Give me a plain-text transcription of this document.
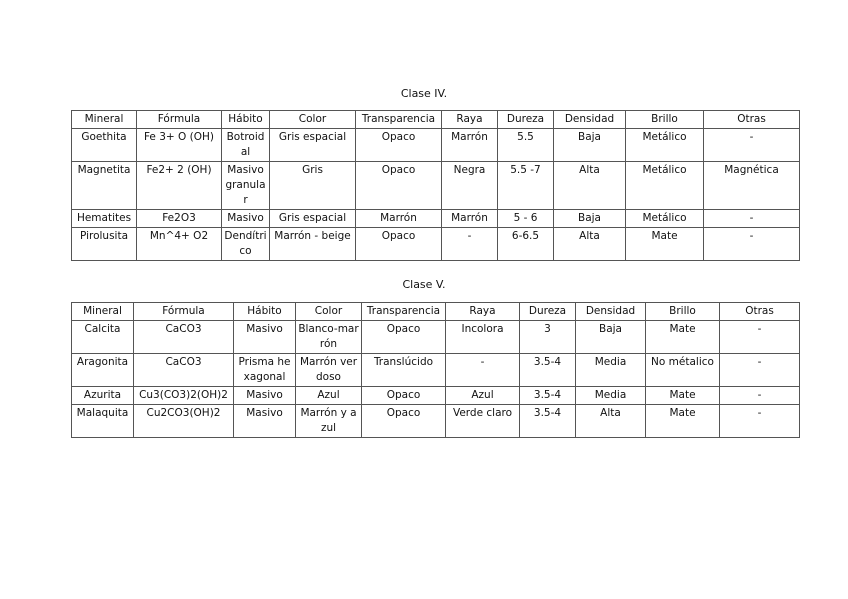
Clase IV.
Mineral	Fórmula	Hábito	Color	Transparencia	Raya	Dureza	Densidad	Brillo	Otras
Goethita	Fe 3+ O (OH)	Botroidal	Gris espacial	Opaco	Marrón	5.5	Baja	Metálico	-
Magnetita	Fe2+ 2 (OH)	Masivo granular	Gris	Opaco	Negra	5.5 -7	Alta	Metálico	Magnética
Hematites	Fe2O3	Masivo	Gris espacial	Marrón	Marrón	5 - 6	Baja	Metálico	-
Pirolusita	Mn^4+ O2	Dendítrico	Marrón - beige	Opaco	-	6-6.5	Alta	Mate	-
Clase V.
Mineral	Fórmula	Hábito	Color	Transparencia	Raya	Dureza	Densidad	Brillo	Otras
Calcita	CaCO3	Masivo	Blanco-marrón	Opaco	Incolora	3	Baja	Mate	-
Aragonita	CaCO3	Prisma hexagonal	Marrón verdoso	Translúcido	-	3.5-4	Media	No métalico	-
Azurita	Cu3(CO3)2(OH)2	Masivo	Azul	Opaco	Azul	3.5-4	Media	Mate	-
Malaquita	Cu2CO3(OH)2	Masivo	Marrón y azul	Opaco	Verde claro	3.5-4	Alta	Mate	-
